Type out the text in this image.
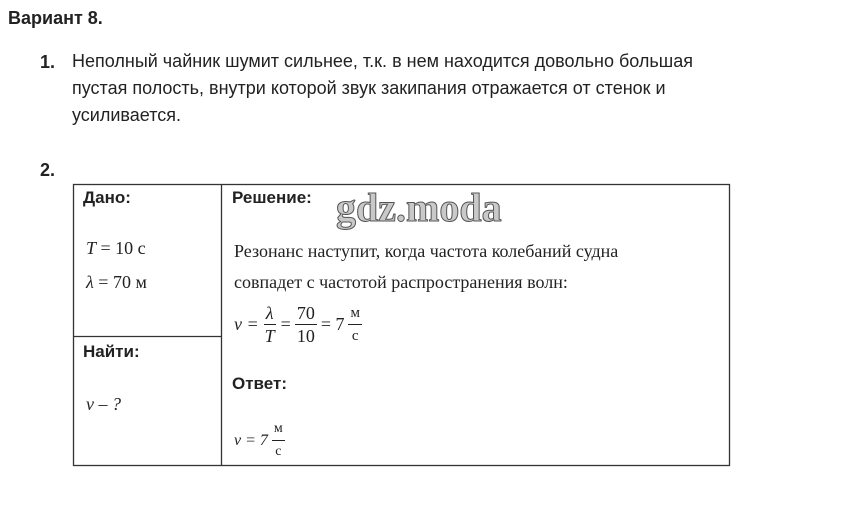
Вариант 8.
1. Неполный чайник шумит сильнее, т.к. в нем находится довольно большая
пустая полость, внутри которой звук закипания отражается от стенок и
усиливается.
2.
Дано:
T = 10 с
λ = 70 м
Найти:
ν – ?
Решение:
Резонанс наступит, когда частота колебаний судна
совпадет с частотой распространения волн:
$\nu = \frac{\lambda}{T} = \frac{70}{10} = 7 \frac{м}{с}$
Ответ:
$\nu = 7 \frac{м}{с}$
gdz.moda
